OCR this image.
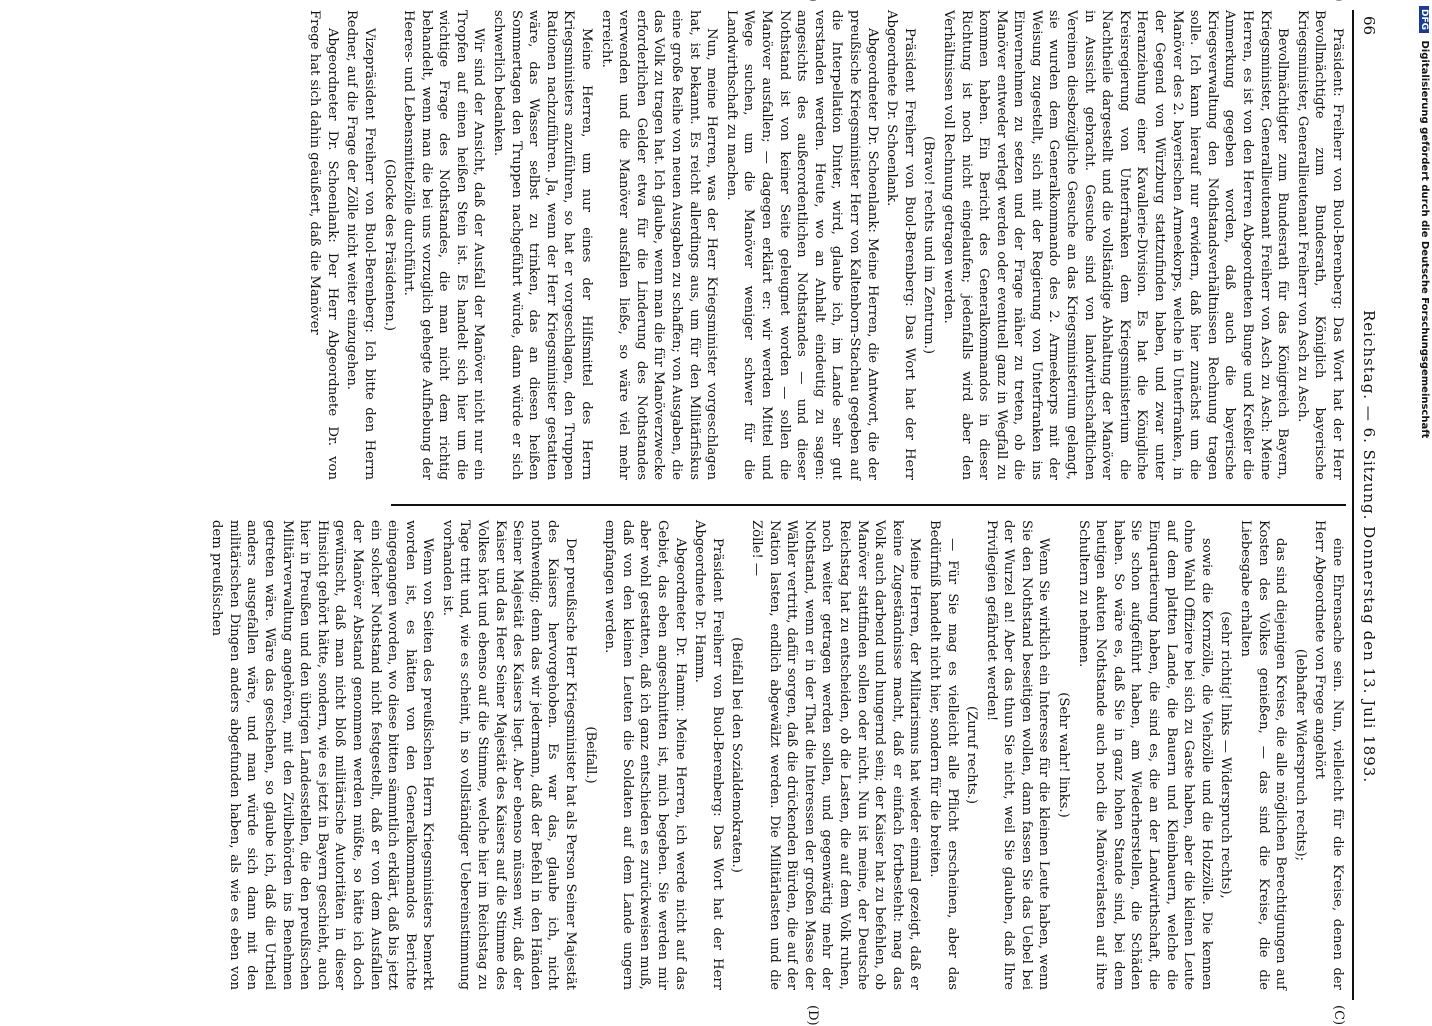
66
Reichstag. — 6. Sitzung. Donnerstag den 13. Juli 1893.
(C)
(D)

Präsident: Freiherr von Buol-Berenberg: Das Wort hat der Herr Bevollmächtigte zum Bundesrath, Königlich bayerische Kriegsminister, Generallieutenant Freiherr von Asch zu Asch.

Bevollmächtigter zum Bundesrath für das Königreich Bayern, Kriegsminister, Generallieutenant Freiherr von Asch zu Asch: Meine Herren, es ist von den Herren Abgeordneten Bunge und Kreßler die Anmerkung gegeben worden, daß auch die bayerische Kriegsverwaltung den Nothstandsverhältnissen Rechnung tragen solle. Ich kann hierauf nur erwidern, daß hier zunächst um die Manöver des 2. bayerischen Armeekorps, welche in Unterfranken, in der Gegend von Würzburg stattzufinden haben, und zwar unter Heranziehung einer Kavallerie-Division. Es hat die Königliche Kreisregierung von Unterfranken dem Kriegsministerium die Nachtheile dargestellt und die vollständige Abhaltung der Manöver in Aussicht gebracht. Gesuche sind von landwirthschaftlichen Vereinen diesbezügliche Gesuche an das Kriegsministerium gelangt, sie wurden dem Generalkommando des 2. Armeekorps mit der Weisung zugestellt, sich mit der Regierung von Unterfranken ins Einvernehmen zu setzen und der Frage näher zu treten, ob die Manöver entweder verlegt werden oder eventuell ganz in Wegfall zu kommen haben. Ein Bericht des Generalkommandos in dieser Richtung ist noch nicht eingelaufen; jedenfalls wird aber den Verhältnissen voll Rechnung getragen werden.

(Bravo! rechts und im Zentrum.)

Präsident Freiherr von Buol-Berenberg: Das Wort hat der Herr Abgeordnete Dr. Schoenlank.

Abgeordneter Dr. Schoenlank: Meine Herren, die Antwort, die der preußische Kriegsminister Herr von Kaltenborn-Stachau gegeben auf die Interpellation Dinter, wird, glaube ich, im Lande sehr gut verstanden werden. Heute, wo an Anhalt eindeutig zu sagen: angesichts des außerordentlichen Nothstandes — und dieser Nothstand ist von keiner Seite geleugnet worden — sollen die Manöver ausfallen; — dagegen erklärt er: wir werden Mittel und Wege suchen, um die Manöver weniger schwer für die Landwirthschaft zu machen.

Nun, meine Herren, was der Herr Kriegsminister vorgeschlagen hat, ist bekannt. Es reicht allerdings aus, um für den Militärfiskus eine große Reihe von neuen Ausgaben zu schaffen; von Ausgaben, die das Volk zu tragen hat. Ich glaube, wenn man die für Manöverzwecke erforderlichen Gelder etwa für die Linderung des Nothstandes verwenden und die Manöver ausfallen ließe, so wäre viel mehr erreicht.

Meine Herren, um nur eines der Hilfsmittel des Herrn Kriegsministers anzuführen, so hat er vorgeschlagen, den Truppen Rationen nachzuführen. Ja, wenn der Herr Kriegsminister gestatten wäre, das Wasser selbst zu trinken, das an diesen heißen Sommertagen den Truppen nachgeführt würde, dann würde er sich schwerlich bedanken.

Wir sind der Ansicht, daß der Ausfall der Manöver nicht nur ein Tropfen auf einen heißen Stein ist. Es handelt sich hier um die wichtige Frage des Nothstandes, die man nicht dem richtig behandelt, wenn man die bei uns vorzuglich gehegte Aufhebung der Heeres- und Lebensmittelzölle durchführt.

(Glocke des Präsidenten.)

Vizepräsident Freiherr von Buol-Berenberg: Ich bitte den Herrn Redner, auf die Frage der Zölle nicht weiter einzugehen.

Abgeordneter Dr. Schoenlank: Der Herr Abgeordnete Dr. von Frege hat sich dahin geäußert, daß die Manöver

eine Ehrensache sein. Nun, vielleicht für die Kreise, denen der Herr Abgeordnete von Frege angehört

(lebhafter Widerspruch rechts);

das sind diejenigen Kreise, die alle möglichen Berechtigungen auf Kosten des Volkes genießen, — das sind die Kreise, die die Liebesgabe erhalten

(sehr richtig! links — Widerspruch rechts),

sowie die Kornzölle, die Viehzölle und die Holzzölle. Die kennen ohne Wahl Offiziere bei sich zu Gaste haben, aber die kleinen Leute auf dem platten Lande, die Bauern und Kleinbauern, welche die Einquartierung haben, die sind es, die an der Landwirthschaft, die Sie schon aufgeführt haben, am Wiederherstellen, die Schäden haben. So wäre es, daß Sie in ganz hohen Stande sind, bei dem heutigen akuten Nothstande auch noch die Manöverlasten auf ihre Schultern zu nehmen.

(Sehr wahr! links.)

Wenn Sie wirklich ein Interesse für die kleinen Leute haben, wenn Sie den Nothstand beseitigen wollen, dann fassen Sie das Uebel bei der Wurzel an! Aber das thun Sie nicht, weil Sie glauben, daß Ihre Privilegien gefährdet werden!

(Zuruf rechts.)

— Für Sie mag es vielleicht alle Pflicht erscheinen, aber das Bedürfniß handelt nicht hier, sondern für die breiten.

Meine Herren, der Militarismus hat wieder einmal gezeigt, daß er keine Zugeständnisse macht, daß er einfach fortbesteht: mag das Volk auch darbend und hungernd sein; der Kaiser hat zu befehlen, ob Manöver stattfinden sollen oder nicht. Nun ist meine, der Deutsche Reichstag hat zu entscheiden, ob die Lasten, die auf dem Volk ruhen, noch weiter getragen werden sollen, und gegenwärtig mehr der Nothstand, wenn er in der That die Interessen der großen Masse der Wähler vertritt, dafür sorgen, daß die drückenden Bürden, die auf der Nation lasten, endlich abgewälzt werden. Die Militärlasten und die Zölle! —

(Beifall bei den Sozialdemokraten.)

Präsident Freiherr von Buol-Berenberg: Das Wort hat der Herr Abgeordnete Dr. Hamm.

Abgeordneter Dr. Hamm: Meine Herren, ich werde nicht auf das Gebiet, das eben angeschnitten ist, mich begeben. Sie werden mir aber wohl gestatten, daß ich ganz entschieden es zurückweisen muß, daß von den kleinen Leuten die Soldaten auf dem Lande ungern empfangen werden.

(Beifall.)

Der preußische Herr Kriegsminister hat als Person Seiner Majestät des Kaisers hervorgehoben. Es war das, glaube ich, nicht nothwendig; denn das wir jedermann, daß der Befehl in den Händen Seiner Majestät des Kaisers liegt. Aber ebenso müssen wir, daß der Kaiser und das Heer Seiner Majestät des Kaisers auf die Stimme des Volkes hört und ebenso auf die Stimme, welche hier im Reichstag zu Tage tritt und, wie es scheint, in so vollständiger Uebereinstimmung vorhanden ist.

Wenn von Seiten des preußischen Herrn Kriegsministers bemerkt worden ist, es hätten von den Generalkommandos Berichte eingegangen worden, wo diese bitten sämmtlich erklärt, daß bis jetzt ein solcher Nothstand nicht festgestellt, daß er von dem Ausfallen der Manöver Abstand genommen werden müßte, so hätte ich doch gewünscht, daß man nicht bloß militärische Autoritäten in dieser Hinsicht gehört hätte, sondern, wie es jetzt in Bayern geschieht, auch hier in Preußen und den übrigen Landesstellen, die den preußischen Militärverwaltung angehören, mit den Zivilbehörden ins Benehmen getreten wäre. Wäre das geschehen, so glaube ich, daß die Urtheil anders ausgefallen wäre, und man würde sich dann mit den militärischen Dingen anders abgefunden haben, als wie es eben von dem preußischen

DFG Digitalisierung gefördert durch die Deutsche Forschungsgemeinschaft
